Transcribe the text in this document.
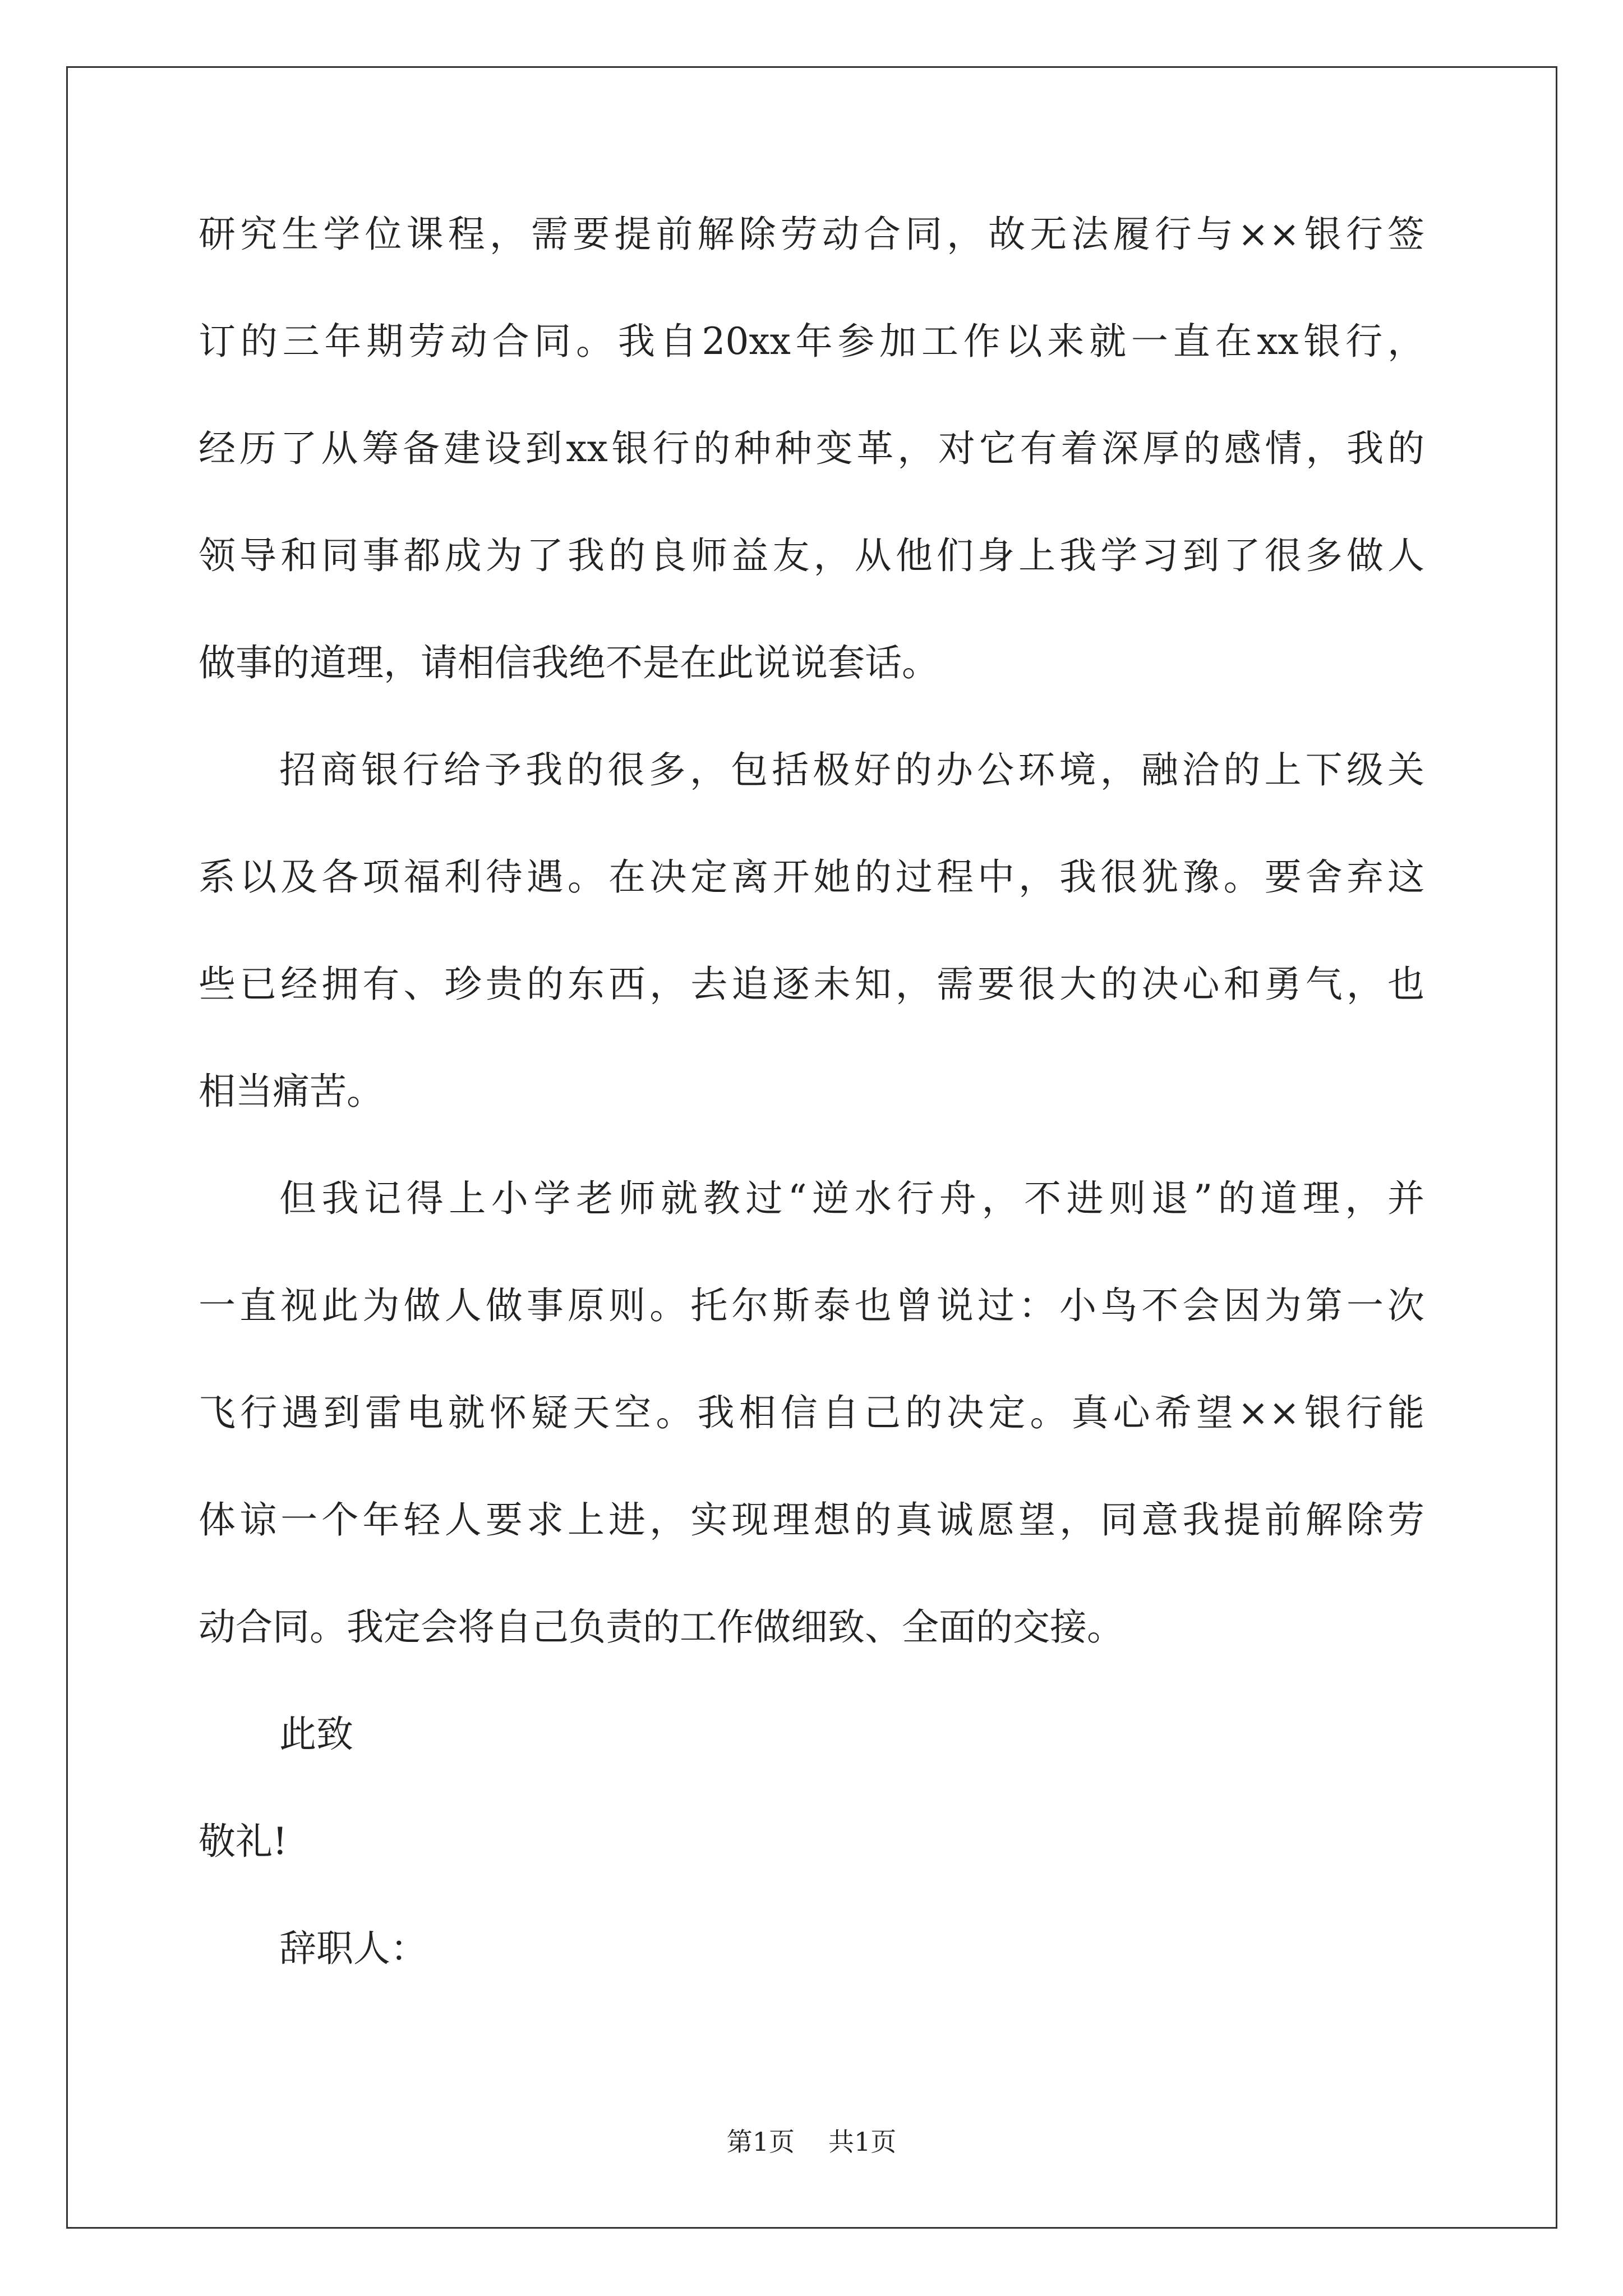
研究生学位课程，需要提前解除劳动合同，故无法履行与××银行签
订的三年期劳动合同。我自20xx年参加工作以来就一直在xx银行，
经历了从筹备建设到xx银行的种种变革，对它有着深厚的感情，我的
领导和同事都成为了我的良师益友，从他们身上我学习到了很多做人
做事的道理，请相信我绝不是在此说说套话。
招商银行给予我的很多，包括极好的办公环境，融洽的上下级关
系以及各项福利待遇。在决定离开她的过程中，我很犹豫。要舍弃这
些已经拥有、珍贵的东西，去追逐未知，需要很大的决心和勇气，也
相当痛苦。
但我记得上小学老师就教过“逆水行舟，不进则退”的道理，并
一直视此为做人做事原则。托尔斯泰也曾说过：小鸟不会因为第一次
飞行遇到雷电就怀疑天空。我相信自己的决定。真心希望××银行能
体谅一个年轻人要求上进，实现理想的真诚愿望，同意我提前解除劳
动合同。我定会将自己负责的工作做细致、全面的交接。
此致
敬礼!
辞职人：
第1页 共1页
